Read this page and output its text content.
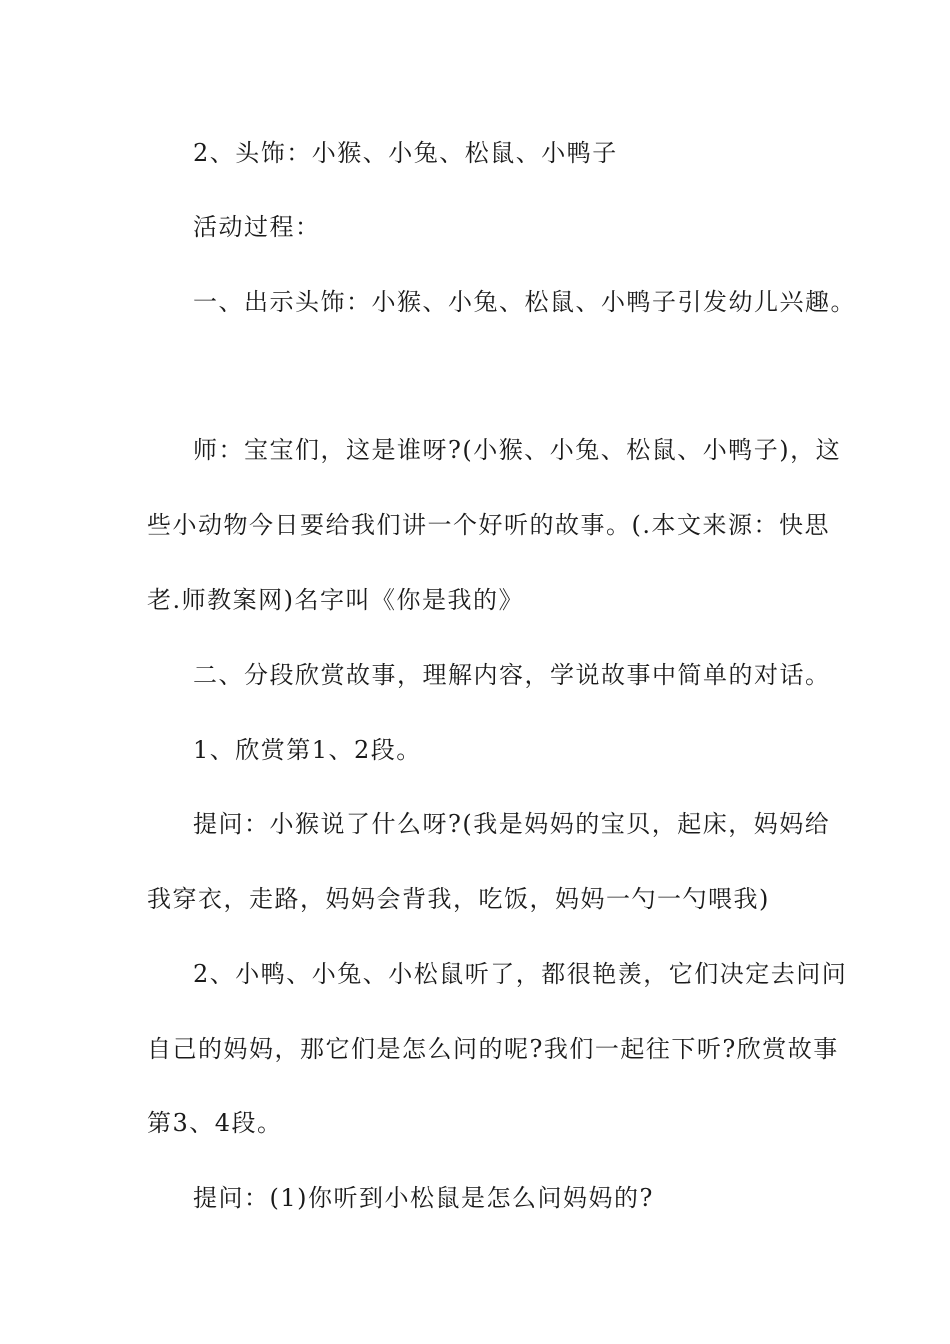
2、头饰：小猴、小兔、松鼠、小鸭子
活动过程：
一、出示头饰：小猴、小兔、松鼠、小鸭子引发幼儿兴趣。
师：宝宝们，这是谁呀?(小猴、小兔、松鼠、小鸭子)，这
些小动物今日要给我们讲一个好听的故事。(.本文来源：快思
老.师教案网)名字叫《你是我的》
二、分段欣赏故事，理解内容，学说故事中简单的对话。
1、欣赏第1、2段。
提问：小猴说了什么呀?(我是妈妈的宝贝，起床，妈妈给
我穿衣，走路，妈妈会背我，吃饭，妈妈一勺一勺喂我)
2、小鸭、小兔、小松鼠听了，都很艳羡，它们决定去问问
自己的妈妈，那它们是怎么问的呢?我们一起往下听?欣赏故事
第3、4段。
提问：(1)你听到小松鼠是怎么问妈妈的?
